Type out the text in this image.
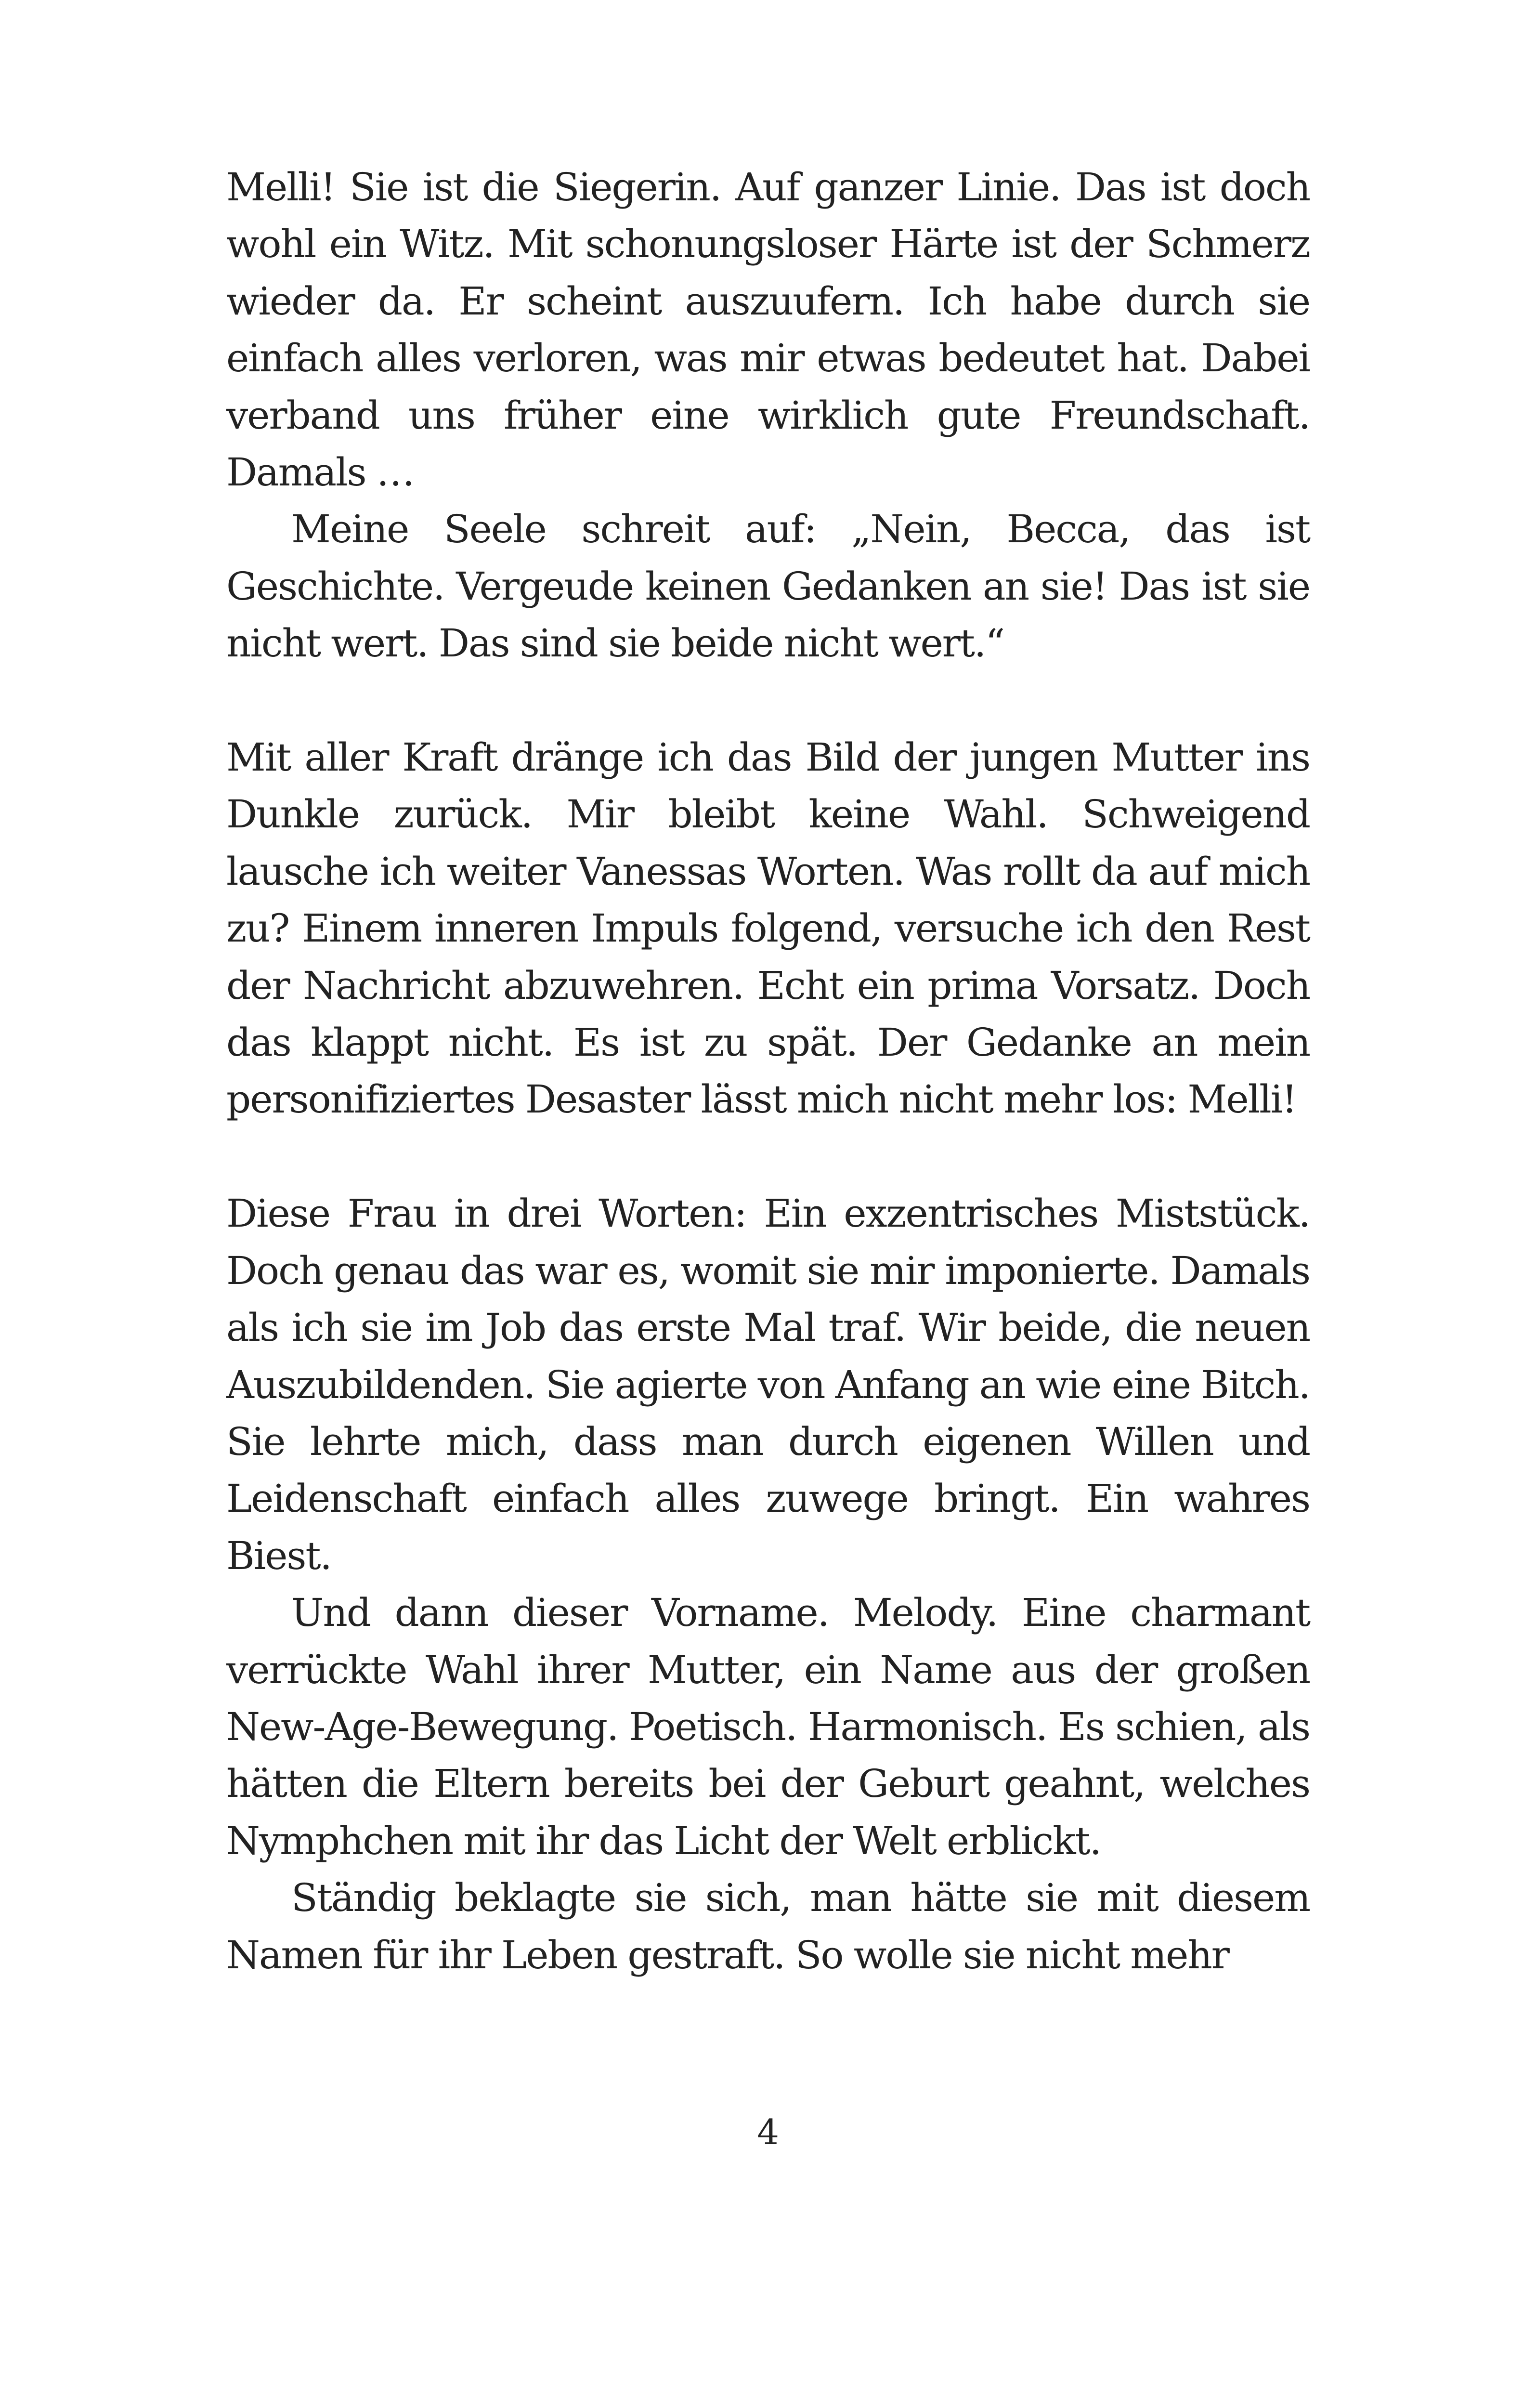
Melli! Sie ist die Siegerin. Auf ganzer Linie. Das ist doch wohl ein Witz. Mit schonungsloser Härte ist der Schmerz wieder da. Er scheint auszuufern. Ich habe durch sie einfach alles verloren, was mir etwas bedeutet hat. Dabei verband uns früher eine wirklich gute Freundschaft. Damals …

Meine Seele schreit auf: „Nein, Becca, das ist Geschichte. Vergeude keinen Gedanken an sie! Das ist sie nicht wert. Das sind sie beide nicht wert.“

Mit aller Kraft dränge ich das Bild der jungen Mutter ins Dunkle zurück. Mir bleibt keine Wahl. Schweigend lausche ich weiter Vanessas Worten. Was rollt da auf mich zu? Einem inneren Impuls folgend, versuche ich den Rest der Nachricht abzuwehren. Echt ein prima Vorsatz. Doch das klappt nicht. Es ist zu spät. Der Gedanke an mein personifiziertes Desaster lässt mich nicht mehr los: Melli!

Diese Frau in drei Worten: Ein exzentrisches Miststück. Doch genau das war es, womit sie mir imponierte. Damals als ich sie im Job das erste Mal traf. Wir beide, die neuen Auszubildenden. Sie agierte von Anfang an wie eine Bitch. Sie lehrte mich, dass man durch eigenen Willen und Leidenschaft einfach alles zuwege bringt. Ein wahres Biest.

Und dann dieser Vorname. Melody. Eine charmant verrückte Wahl ihrer Mutter, ein Name aus der großen New-Age-Bewegung. Poetisch. Harmonisch. Es schien, als hätten die Eltern bereits bei der Geburt geahnt, welches Nymphchen mit ihr das Licht der Welt erblickt.

Ständig beklagte sie sich, man hätte sie mit diesem Namen für ihr Leben gestraft. So wolle sie nicht mehr

4
